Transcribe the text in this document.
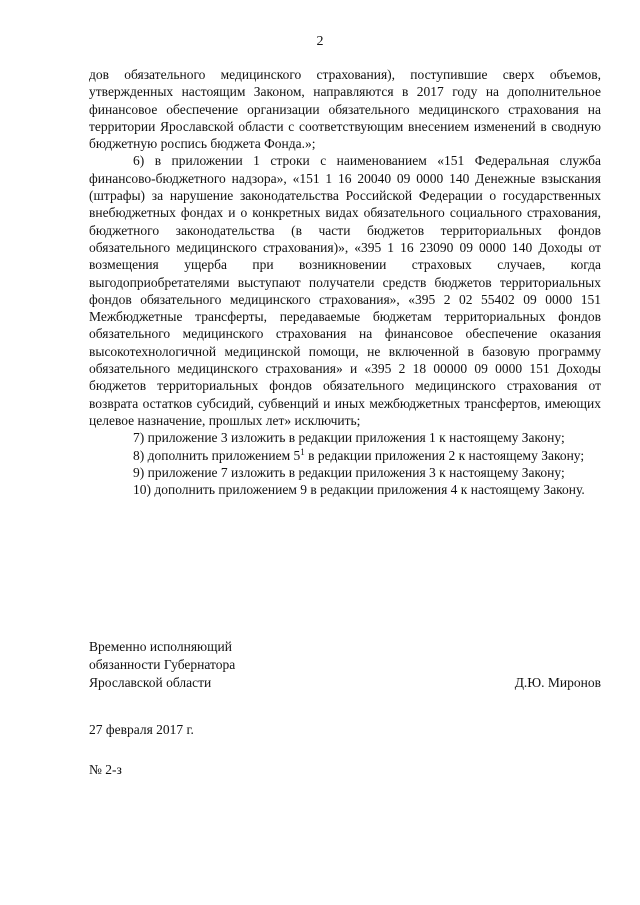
2

дов обязательного медицинского страхования), поступившие сверх объемов, утвержденных настоящим Законом, направляются в 2017 году на дополнительное финансовое обеспечение организации обязательного медицинского страхования на территории Ярославской области с соответствующим внесением изменений в сводную бюджетную роспись бюджета Фонда.»;

6) в приложении 1 строки с наименованием «151 Федеральная служба финансово-бюджетного надзора», «151 1 16 20040 09 0000 140 Денежные взыскания (штрафы) за нарушение законодательства Российской Федерации о государственных внебюджетных фондах и о конкретных видах обязательного социального страхования, бюджетного законодательства (в части бюджетов территориальных фондов обязательного медицинского страхования)», «395 1 16 23090 09 0000 140 Доходы от возмещения ущерба при возникновении страховых случаев, когда выгодоприобретателями выступают получатели средств бюджетов территориальных фондов обязательного медицинского страхования», «395 2 02 55402 09 0000 151 Межбюджетные трансферты, передаваемые бюджетам территориальных фондов обязательного медицинского страхования на финансовое обеспечение оказания высокотехнологичной медицинской помощи, не включенной в базовую программу обязательного медицинского страхования» и «395 2 18 00000 09 0000 151 Доходы бюджетов территориальных фондов обязательного медицинского страхования от возврата остатков субсидий, субвенций и иных межбюджетных трансфертов, имеющих целевое назначение, прошлых лет» исключить;

7) приложение 3 изложить в редакции приложения 1 к настоящему Закону;

8) дополнить приложением $5^1$ в редакции приложения 2 к настоящему Закону;

9) приложение 7 изложить в редакции приложения 3 к настоящему Закону;

10) дополнить приложением 9 в редакции приложения 4 к настоящему Закону.

Временно исполняющий
обязанности Губернатора
Ярославской области	Д.Ю. Миронов
27 февраля 2017 г.
№ 2-з
